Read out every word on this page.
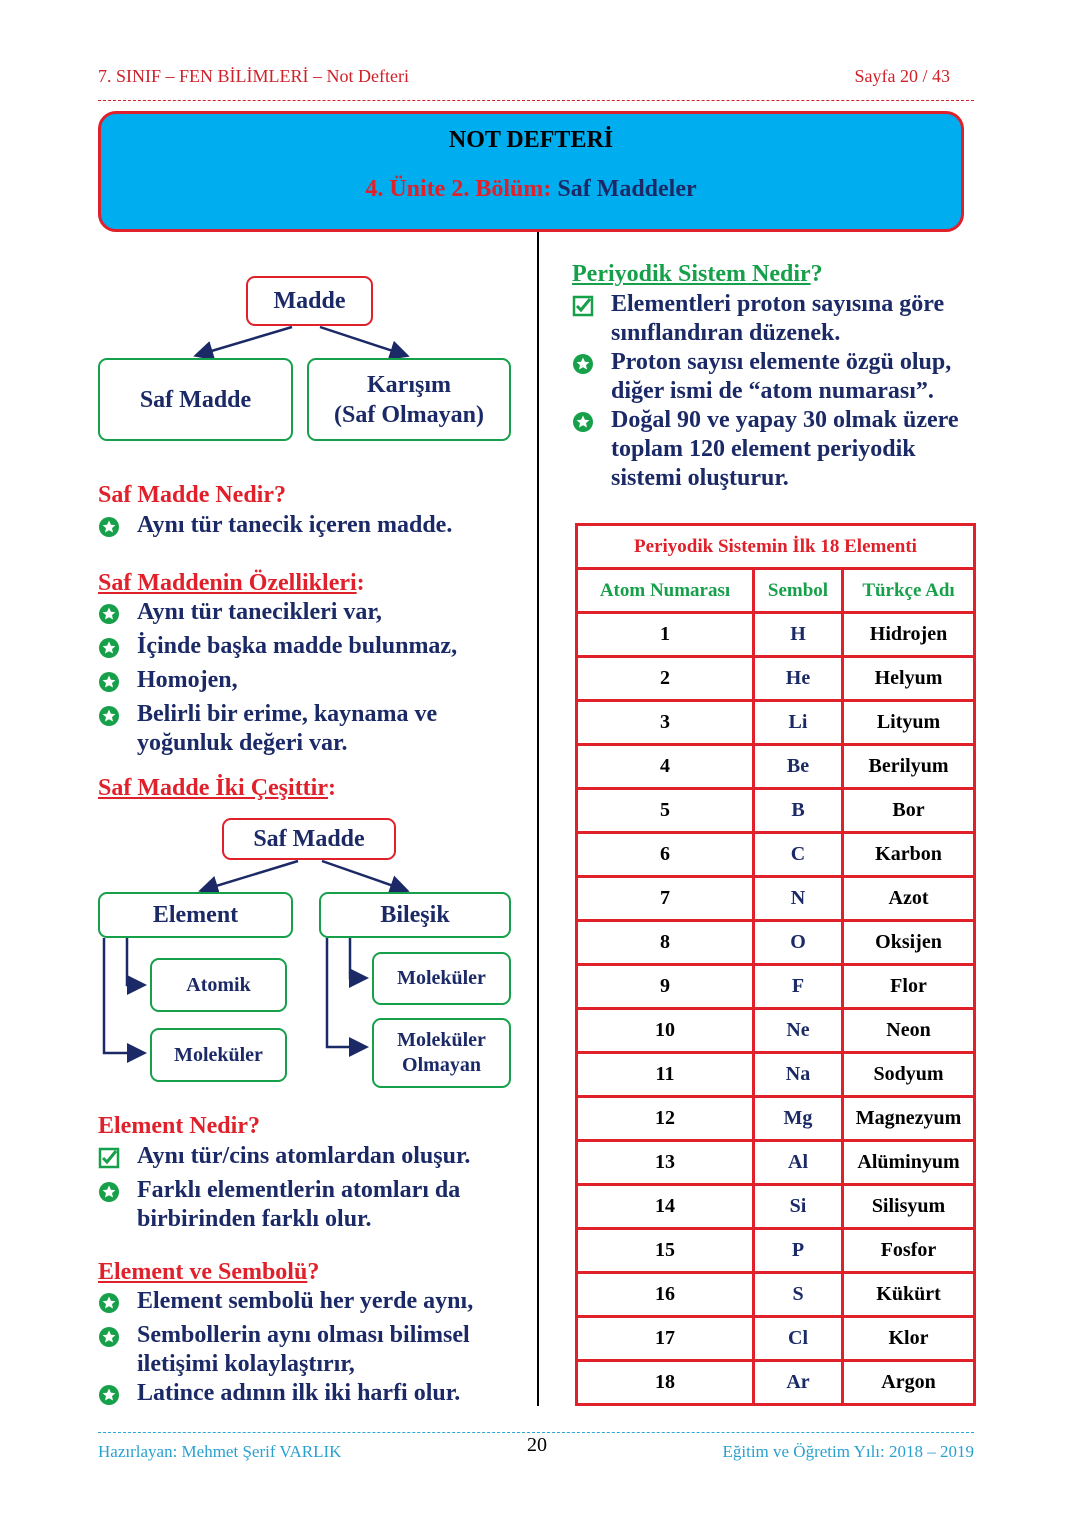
7. SINIF – FEN BİLİMLERİ – Not Defteri	Sayfa 20 / 43
NOT DEFTERİ
4. Ünite 2. Bölüm: Saf Maddeler
Madde
Saf Madde
Karışım
(Saf Olmayan)
Saf Madde Nedir?
Aynı tür tanecik içeren madde.
Saf Maddenin Özellikleri:
Aynı tür tanecikleri var,
İçinde başka madde bulunmaz,
Homojen,
Belirli bir erime, kaynama ve yoğunluk değeri var.
Saf Madde İki Çeşittir:
Saf Madde
Element	Bileşik
Atomik
Moleküler
Moleküler
Moleküler
Olmayan
Element Nedir?
Aynı tür/cins atomlardan oluşur.
Farklı elementlerin atomları da birbirinden farklı olur.
Element ve Sembolü?
Element sembolü her yerde aynı,
Sembollerin aynı olması bilimsel iletişimi kolaylaştırır,
Latince adının ilk iki harfi olur.
Periyodik Sistem Nedir?
Elementleri proton sayısına göre sınıflandıran düzenek.
Proton sayısı elemente özgü olup, diğer ismi de “atom numarası”.
Doğal 90 ve yapay 30 olmak üzere toplam 120 element periyodik sistemi oluşturur.
Periyodik Sistemin İlk 18 Elementi		
Atom Numarası	Sembol	Türkçe Adı
1	H	Hidrojen
2	He	Helyum
3	Li	Lityum
4	Be	Berilyum
5	B	Bor
6	C	Karbon
7	N	Azot
8	O	Oksijen
9	F	Flor
10	Ne	Neon
11	Na	Sodyum
12	Mg	Magnezyum
13	Al	Alüminyum
14	Si	Silisyum
15	P	Fosfor
16	S	Kükürt
17	Cl	Klor
18	Ar	Argon
Hazırlayan: Mehmet Şerif VARLIK	20	Eğitim ve Öğretim Yılı: 2018 – 2019
